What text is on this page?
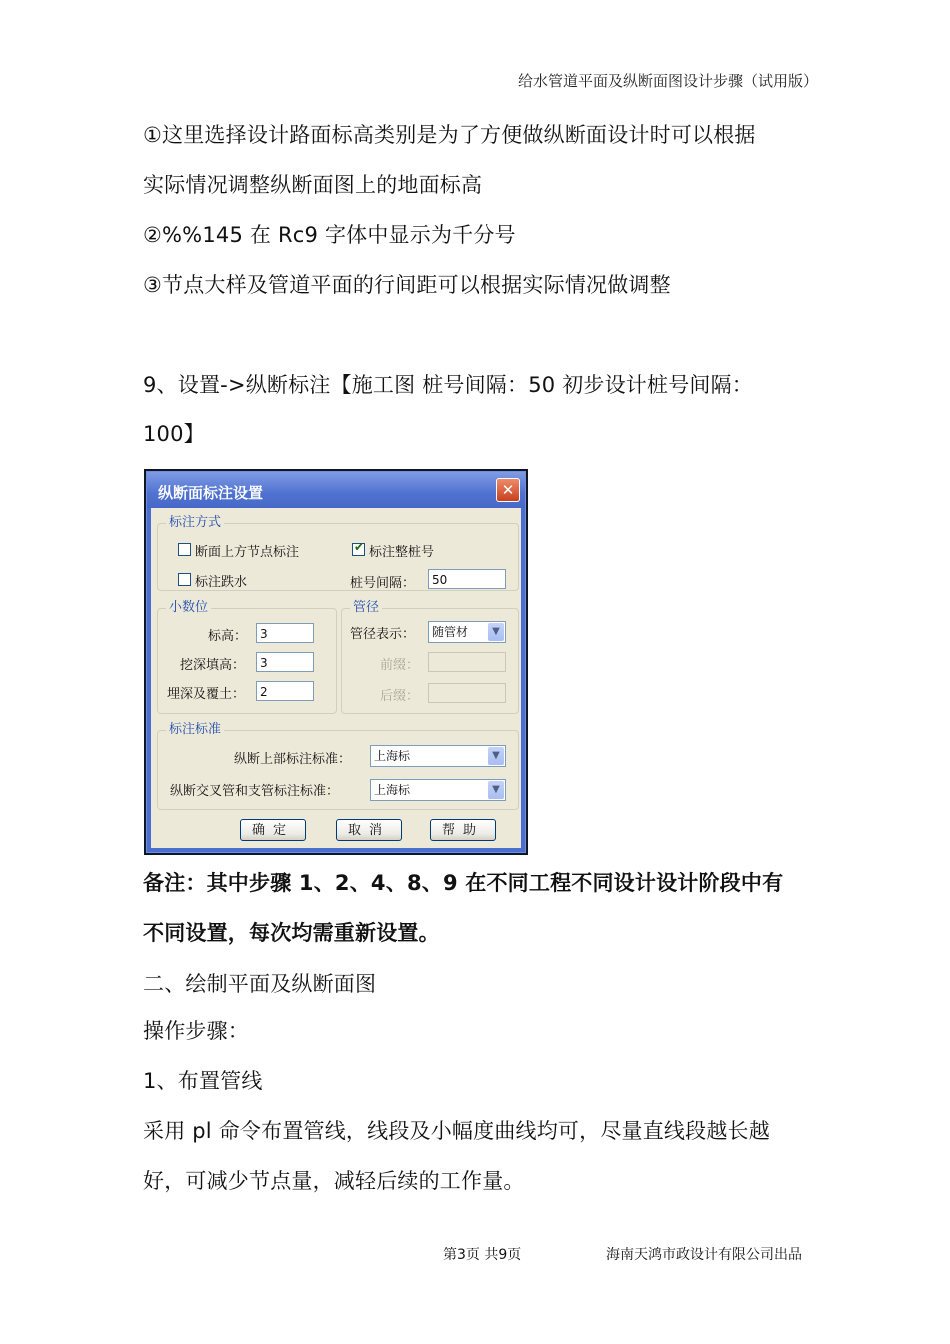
给水管道平面及纵断面图设计步骤（试用版）
①这里选择设计路面标高类别是为了方便做纵断面设计时可以根据
实际情况调整纵断面图上的地面标高
②%%145 在 Rc9 字体中显示为千分号
③节点大样及管道平面的行间距可以根据实际情况做调整
9、设置->纵断标注【施工图 桩号间隔：50 初步设计桩号间隔：
100】
纵断面标注设置	✕
标注方式
断面上方节点标注	✔ 标注整桩号
标注跌水	桩号间隔：	50
小数位
标高：	3
挖深填高：	3
埋深及覆土：	2
管径
管径表示：	随管材	▼
前缀：
后缀：
标注标准
纵断上部标注标准：	上海标	▼
纵断交叉管和支管标注标准：	上海标	▼
确定	取消	帮助
备注：其中步骤 1、2、4、8、9 在不同工程不同设计设计阶段中有
不同设置，每次均需重新设置。
二、绘制平面及纵断面图
操作步骤：
1、布置管线
采用 pl 命令布置管线，线段及小幅度曲线均可，尽量直线段越长越
好，可减少节点量，减轻后续的工作量。
第3页 共9页	海南天鸿市政设计有限公司出品
